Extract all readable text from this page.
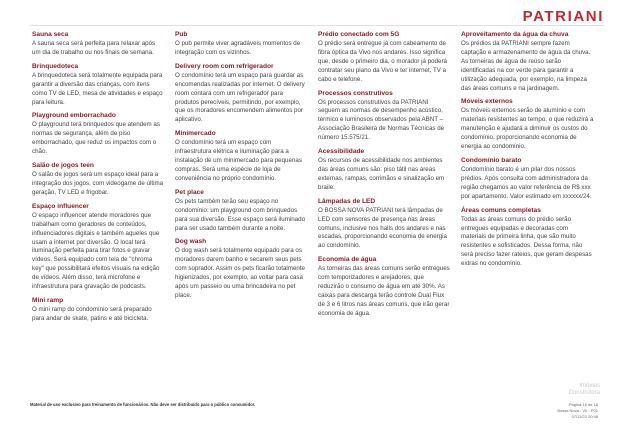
PATRIANI
Sauna seca
A sauna seca será perfeita para relaxar após um dia de trabalho ou nos finais de semana.
Brinquedoteca
A brinquedoteca será totalmente equipada para garantir a diversão das crianças, com itens como TV de LED, mesa de atividades e espaço para leitura.
Playground emborrachado
O playground terá brinquedos que atendem as normas de segurança, além de piso emborrachado, que reduz os impactos com o chão.
Salão de jogos teen
O salão de jogos será um espaço ideal para a integração dos jogos, com videogame de última geração, TV LED e frigobar.
Espaço influencer
O espaço influencer atende moradores que trabalham como geradores de conteúdos, influenciadores digitais e também aqueles que usam a internet por diversão. O local terá iluminação perfeita para tirar fotos e gravar vídeos. Será equipado com tela de "chroma key" que possibilitará efeitos visuais na edição de vídeos. Além disso, terá microfone e infraestrutura para gravação de podcasts.
Mini ramp
O mini ramp do condomínio será preparado para andar de skate, patins e até bicicleta.
Pub
O pub permite viver agradáveis momentos de integração com os vizinhos.
Delivery room com refrigerador
O condomínio terá um espaço para guardar as encomendas realizadas por internet. O delivery room contará com um refrigerador para produtos perecíveis, permitindo, por exemplo, que os moradores encomendem alimentos por aplicativo.
Minimercado
O condomínio terá um espaço com infraestrutura elétrica e iluminação para a instalação de um minimercado para pequenas compras. Será uma espécie de loja de conveniência no próprio condomínio.
Pet place
Os pets também terão seu espaço no condomínio: um playground com brinquedos para sua diversão. Esse espaço será iluminado para ser usado também durante a noite.
Dog wash
O dog wash será totalmente equipado para os moradores darem banho e secarem seus pets com soprador. Assim os pets ficarão totalmente higienizados, por exemplo, ao voltar para casa após um passeio ou uma brincadeira no pet place.
Prédio conectado com 5G
O prédio será entregue já com cabeamento de fibra óptica da Vivo nos andares. Isso significa que, desde o primeiro dia, o morador já poderá contratar seu plano da Vivo e ter internet, TV a cabo e telefone.
Processos construtivos
Os processos construtivos da PATRIANI seguem as normas de desempenho acústico, térmico e luminosos observados pela ABNT – Associação Brasileira de Normas Técnicas de número 15.575/21.
Acessibilidade
Os recursos de acessibilidade nos ambientes das áreas comuns são: piso tátil nas áreas externas, rampas, corrimãos e sinalização em braile.
Lâmpadas de LED
O BOSSA NOVA PATRIANI terá lâmpadas de LED com sensores de presença nas áreas comuns, inclusive nos halls dos andares e nas escadas, proporcionando economia de energia ao condomínio.
Economia de água
As torneiras das áreas comuns serão entregues com temporizadores e arejadores, que reduzirão o consumo de água em até 30%. As caixas para descarga terão controle Dual Flux de 3 e 6 litros nas áreas comuns, que irão gerar economia de água.
Aproveitamento da água da chuva
Os prédios da PATRIANI sempre fazem captação e armazenamento de água da chuva. As torneiras de água de reúso serão identificadas na cor verde para garantir a utilização adequada, por exemplo, na limpeza das áreas comuns e na jardinagem.
Móveis externos
Os móveis externos serão de alumínio e com materiais resistentes ao tempo, o que reduzirá a manutenção e ajudará a diminuir os custos do condomínio, proporcionando economia de energia ao condomínio.
Condomínio barato
Condomínio barato é um pilar dos nossos prédios. Após consulta com administradora da região chegamos ao valor referência de R$ xxx por apartamento. Valor estimado em xxxxxx/24.
Áreas comuns completas
Todas as áreas comuns do prédio serão entregues equipadas e decoradas com materiais de primeira linha, que são muito resistentes e sofisticados. Dessa forma, não será preciso fazer rateios, que geram despesas extras no condomínio.
Imóveis
Construtora
Material de uso exclusivo para treinamento de funcionários. Não deve ser distribuído para o público consumidor.	Página 16 de 18
Bossa Nova - V0 - P01
07/11/23 20:48
